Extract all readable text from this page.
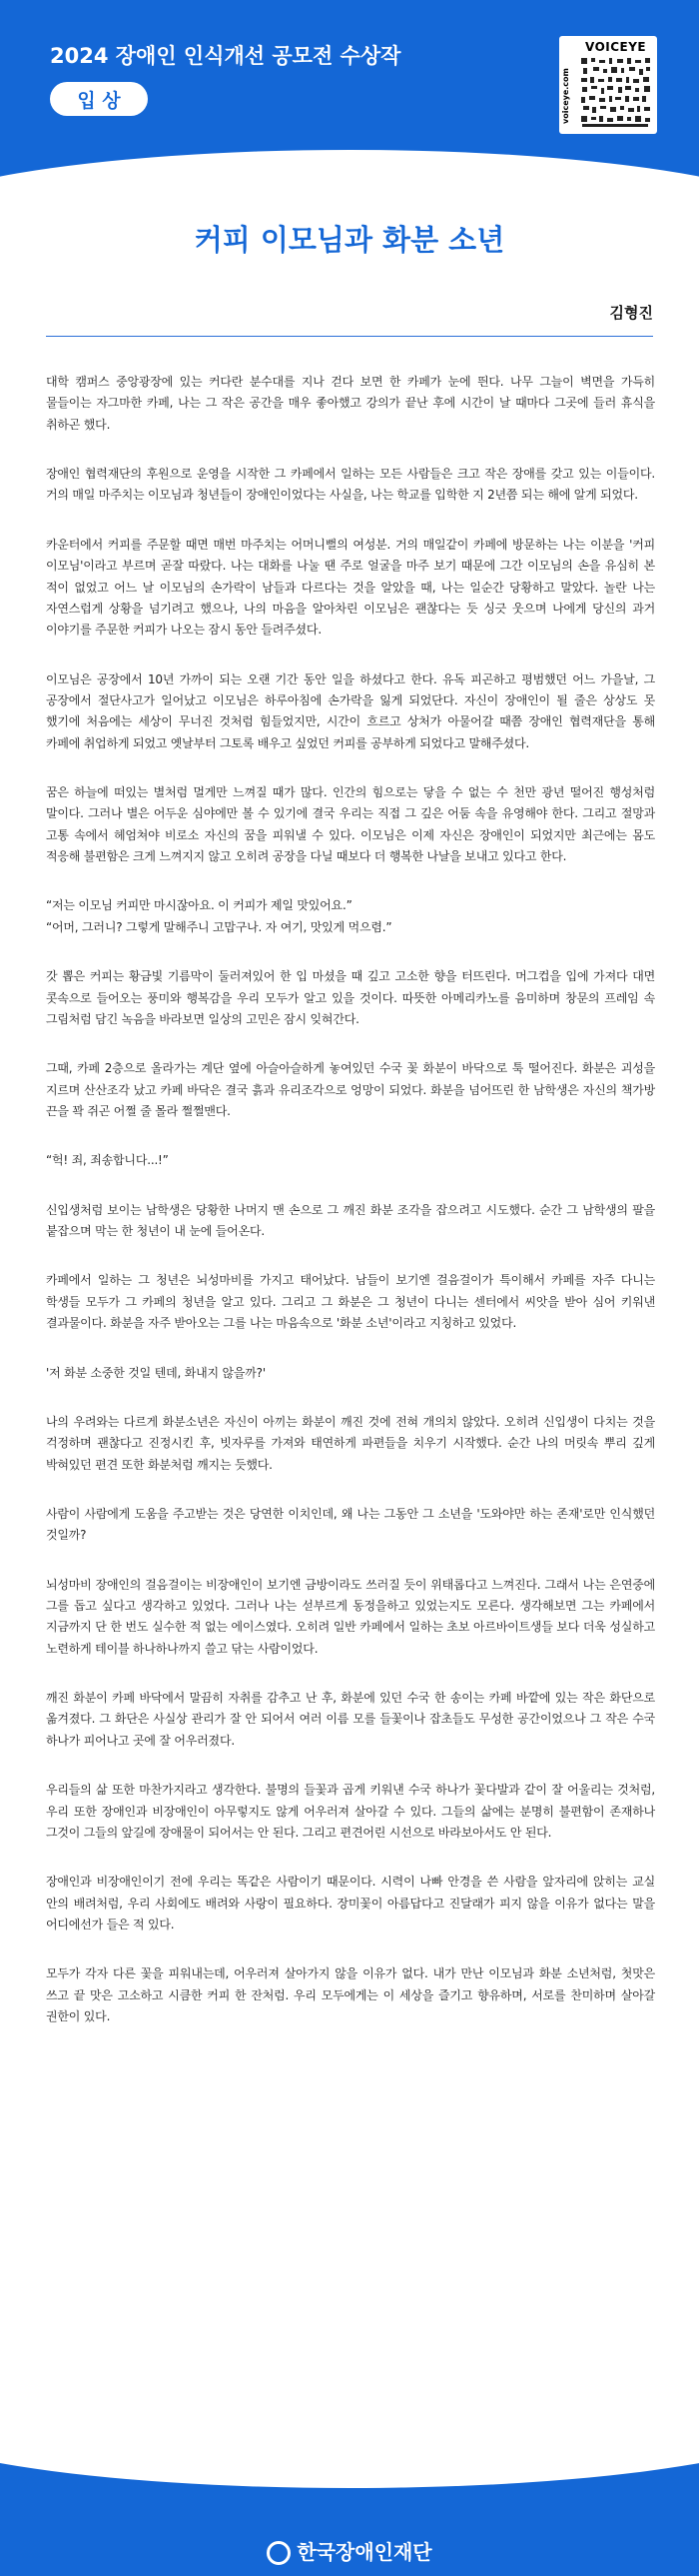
2024 장애인 인식개선 공모전 수상작
입 상
VOICEYE
voiceye.com
커피 이모님과 화분 소년
김형진

대학 캠퍼스 중앙광장에 있는 커다란 분수대를 지나 걷다 보면 한 카페가 눈에 띈다. 나무 그늘이 벽면을 가득히 물들이는 자그마한 카페, 나는 그 작은 공간을 매우 좋아했고 강의가 끝난 후에 시간이 날 때마다 그곳에 들러 휴식을 취하곤 했다.

장애인 협력재단의 후원으로 운영을 시작한 그 카페에서 일하는 모든 사람들은 크고 작은 장애를 갖고 있는 이들이다. 거의 매일 마주치는 이모님과 청년들이 장애인이었다는 사실을, 나는 학교를 입학한 지 2년쯤 되는 해에 알게 되었다.

카운터에서 커피를 주문할 때면 매번 마주치는 어머니뻘의 여성분. 거의 매일같이 카페에 방문하는 나는 이분을 '커피 이모님'이라고 부르며 곧잘 따랐다. 나는 대화를 나눌 땐 주로 얼굴을 마주 보기 때문에 그간 이모님의 손을 유심히 본 적이 없었고 어느 날 이모님의 손가락이 남들과 다르다는 것을 알았을 때, 나는 일순간 당황하고 말았다. 놀란 나는 자연스럽게 상황을 넘기려고 했으나, 나의 마음을 알아차린 이모님은 괜찮다는 듯 싱긋 웃으며 나에게 당신의 과거 이야기를 주문한 커피가 나오는 잠시 동안 들려주셨다.

이모님은 공장에서 10년 가까이 되는 오랜 기간 동안 일을 하셨다고 한다. 유독 피곤하고 평범했던 어느 가을날, 그 공장에서 절단사고가 일어났고 이모님은 하루아침에 손가락을 잃게 되었단다. 자신이 장애인이 될 줄은 상상도 못 했기에 처음에는 세상이 무너진 것처럼 힘들었지만, 시간이 흐르고 상처가 아물어갈 때쯤 장애인 협력재단을 통해 카페에 취업하게 되었고 옛날부터 그토록 배우고 싶었던 커피를 공부하게 되었다고 말해주셨다.

꿈은 하늘에 떠있는 별처럼 멀게만 느껴질 때가 많다. 인간의 힘으로는 닿을 수 없는 수 천만 광년 떨어진 행성처럼 말이다. 그러나 별은 어두운 심야에만 볼 수 있기에 결국 우리는 직접 그 깊은 어둠 속을 유영해야 한다. 그리고 절망과 고통 속에서 헤엄쳐야 비로소 자신의 꿈을 피워낼 수 있다. 이모님은 이제 자신은 장애인이 되었지만 최근에는 몸도 적응해 불편함은 크게 느껴지지 않고 오히려 공장을 다닐 때보다 더 행복한 나날을 보내고 있다고 한다.

“저는 이모님 커피만 마시잖아요. 이 커피가 제일 맛있어요.”
“어머, 그러니? 그렇게 말해주니 고맙구나. 자 여기, 맛있게 먹으렴.”

갓 뽑은 커피는 황금빛 기름막이 둘러져있어 한 입 마셨을 때 깊고 고소한 향을 터뜨린다. 머그컵을 입에 가져다 대면 콧속으로 들어오는 풍미와 행복감을 우리 모두가 알고 있을 것이다. 따뜻한 아메리카노를 음미하며 창문의 프레임 속 그림처럼 담긴 녹음을 바라보면 일상의 고민은 잠시 잊혀간다.

그때, 카페 2층으로 올라가는 계단 옆에 아슬아슬하게 놓여있던 수국 꽃 화분이 바닥으로 툭 떨어진다. 화분은 괴성을 지르며 산산조각 났고 카페 바닥은 결국 흙과 유리조각으로 엉망이 되었다. 화분을 넘어뜨린 한 남학생은 자신의 책가방 끈을 꽉 쥐곤 어쩔 줄 몰라 쩔쩔맨다.

“헉! 죄, 죄송합니다...!”

신입생처럼 보이는 남학생은 당황한 나머지 맨 손으로 그 깨진 화분 조각을 잡으려고 시도했다. 순간 그 남학생의 팔을 붙잡으며 막는 한 청년이 내 눈에 들어온다.

카페에서 일하는 그 청년은 뇌성마비를 가지고 태어났다. 남들이 보기엔 걸음걸이가 특이해서 카페를 자주 다니는 학생들 모두가 그 카페의 청년을 알고 있다. 그리고 그 화분은 그 청년이 다니는 센터에서 씨앗을 받아 심어 키워낸 결과물이다. 화분을 자주 받아오는 그를 나는 마음속으로 '화분 소년'이라고 지칭하고 있었다.

'저 화분 소중한 것일 텐데, 화내지 않을까?'

나의 우려와는 다르게 화분소년은 자신이 아끼는 화분이 깨진 것에 전혀 개의치 않았다. 오히려 신입생이 다치는 것을 걱정하며 괜찮다고 진정시킨 후, 빗자루를 가져와 태연하게 파편들을 치우기 시작했다. 순간 나의 머릿속 뿌리 깊게 박혀있던 편견 또한 화분처럼 깨지는 듯했다.

사람이 사람에게 도움을 주고받는 것은 당연한 이치인데, 왜 나는 그동안 그 소년을 '도와야만 하는 존재'로만 인식했던 것일까?

뇌성마비 장애인의 걸음걸이는 비장애인이 보기엔 금방이라도 쓰러질 듯이 위태롭다고 느껴진다. 그래서 나는 은연중에 그를 돕고 싶다고 생각하고 있었다. 그러나 나는 섣부르게 동정을하고 있었는지도 모른다. 생각해보면 그는 카페에서 지금까지 단 한 번도 실수한 적 없는 에이스였다. 오히려 일반 카페에서 일하는 초보 아르바이트생들 보다 더욱 성실하고 노련하게 테이블 하나하나까지 쓸고 닦는 사람이었다.

깨진 화분이 카페 바닥에서 말끔히 자취를 감추고 난 후, 화분에 있던 수국 한 송이는 카페 바깥에 있는 작은 화단으로 옮겨졌다. 그 화단은 사실상 관리가 잘 안 되어서 여러 이름 모를 들꽃이나 잡초들도 무성한 공간이었으나 그 작은 수국 하나가 피어나고 곳에 잘 어우러졌다.

우리들의 삶 또한 마찬가지라고 생각한다. 불명의 들꽃과 곱게 키워낸 수국 하나가 꽃다발과 같이 잘 어울리는 것처럼, 우리 또한 장애인과 비장애인이 아무렇지도 않게 어우러져 살아갈 수 있다. 그들의 삶에는 분명히 불편함이 존재하나 그것이 그들의 앞길에 장애물이 되어서는 안 된다. 그리고 편견어린 시선으로 바라보아서도 안 된다.

장애인과 비장애인이기 전에 우리는 똑같은 사람이기 때문이다. 시력이 나빠 안경을 쓴 사람을 앞자리에 앉히는 교실 안의 배려처럼, 우리 사회에도 배려와 사랑이 필요하다. 장미꽃이 아름답다고 진달래가 피지 않을 이유가 없다는 말을 어디에선가 들은 적 있다.

모두가 각자 다른 꽃을 피워내는데, 어우러져 살아가지 않을 이유가 없다. 내가 만난 이모님과 화분 소년처럼, 첫맛은 쓰고 끝 맛은 고소하고 시큼한 커피 한 잔처럼. 우리 모두에게는 이 세상을 즐기고 향유하며, 서로를 찬미하며 살아갈 권한이 있다.

한국장애인재단
